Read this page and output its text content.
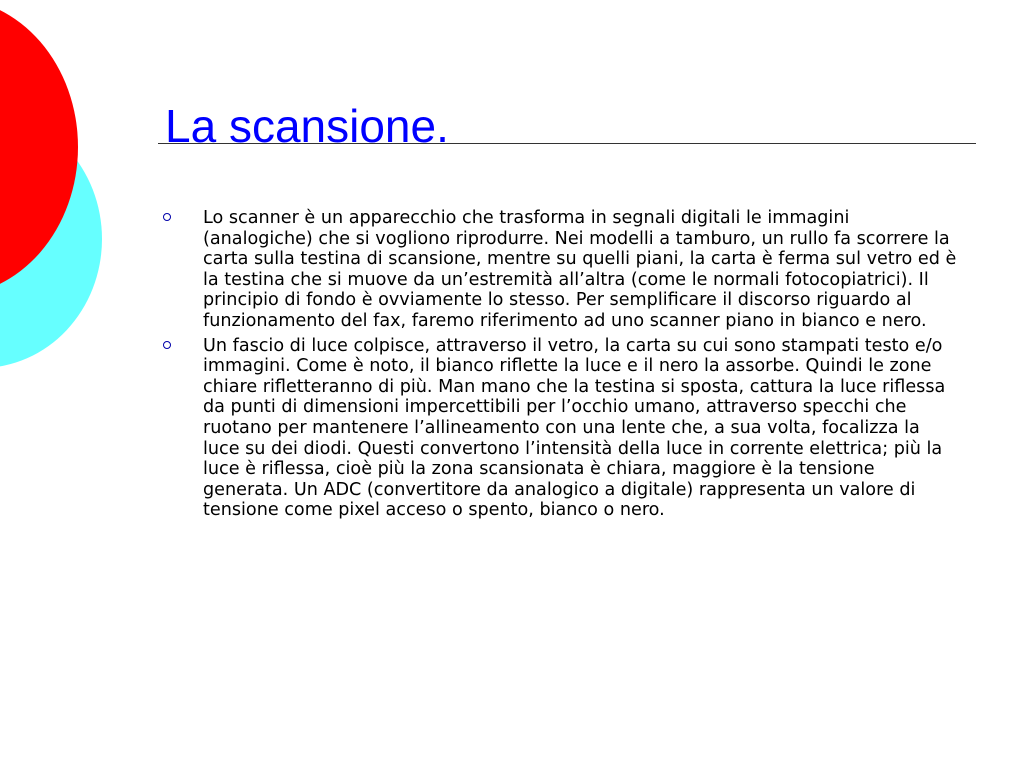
La scansione.
Lo scanner è un apparecchio che trasforma in segnali digitali le immagini (analogiche) che si vogliono riprodurre. Nei modelli a tamburo, un rullo fa scorrere la carta sulla testina di scansione, mentre su quelli piani, la carta è ferma sul vetro ed è la testina che si muove da un’estremità all’altra (come le normali fotocopiatrici). Il principio di fondo è ovviamente lo stesso. Per semplificare il discorso riguardo al funzionamento del fax, faremo riferimento ad uno scanner piano in bianco e nero.
Un fascio di luce colpisce, attraverso il vetro, la carta su cui sono stampati testo e/o immagini. Come è noto, il bianco riflette la luce e il nero la assorbe. Quindi le zone chiare rifletteranno di più. Man mano che la testina si sposta, cattura la luce riflessa da punti di dimensioni impercettibili per l’occhio umano, attraverso specchi che ruotano per mantenere l’allineamento con una lente che, a sua volta, focalizza la luce su dei diodi. Questi convertono l’intensità della luce in corrente elettrica; più la luce è riflessa, cioè più la zona scansionata è chiara, maggiore è la tensione generata. Un ADC (convertitore da analogico a digitale) rappresenta un valore di tensione come pixel acceso o spento, bianco o nero.
